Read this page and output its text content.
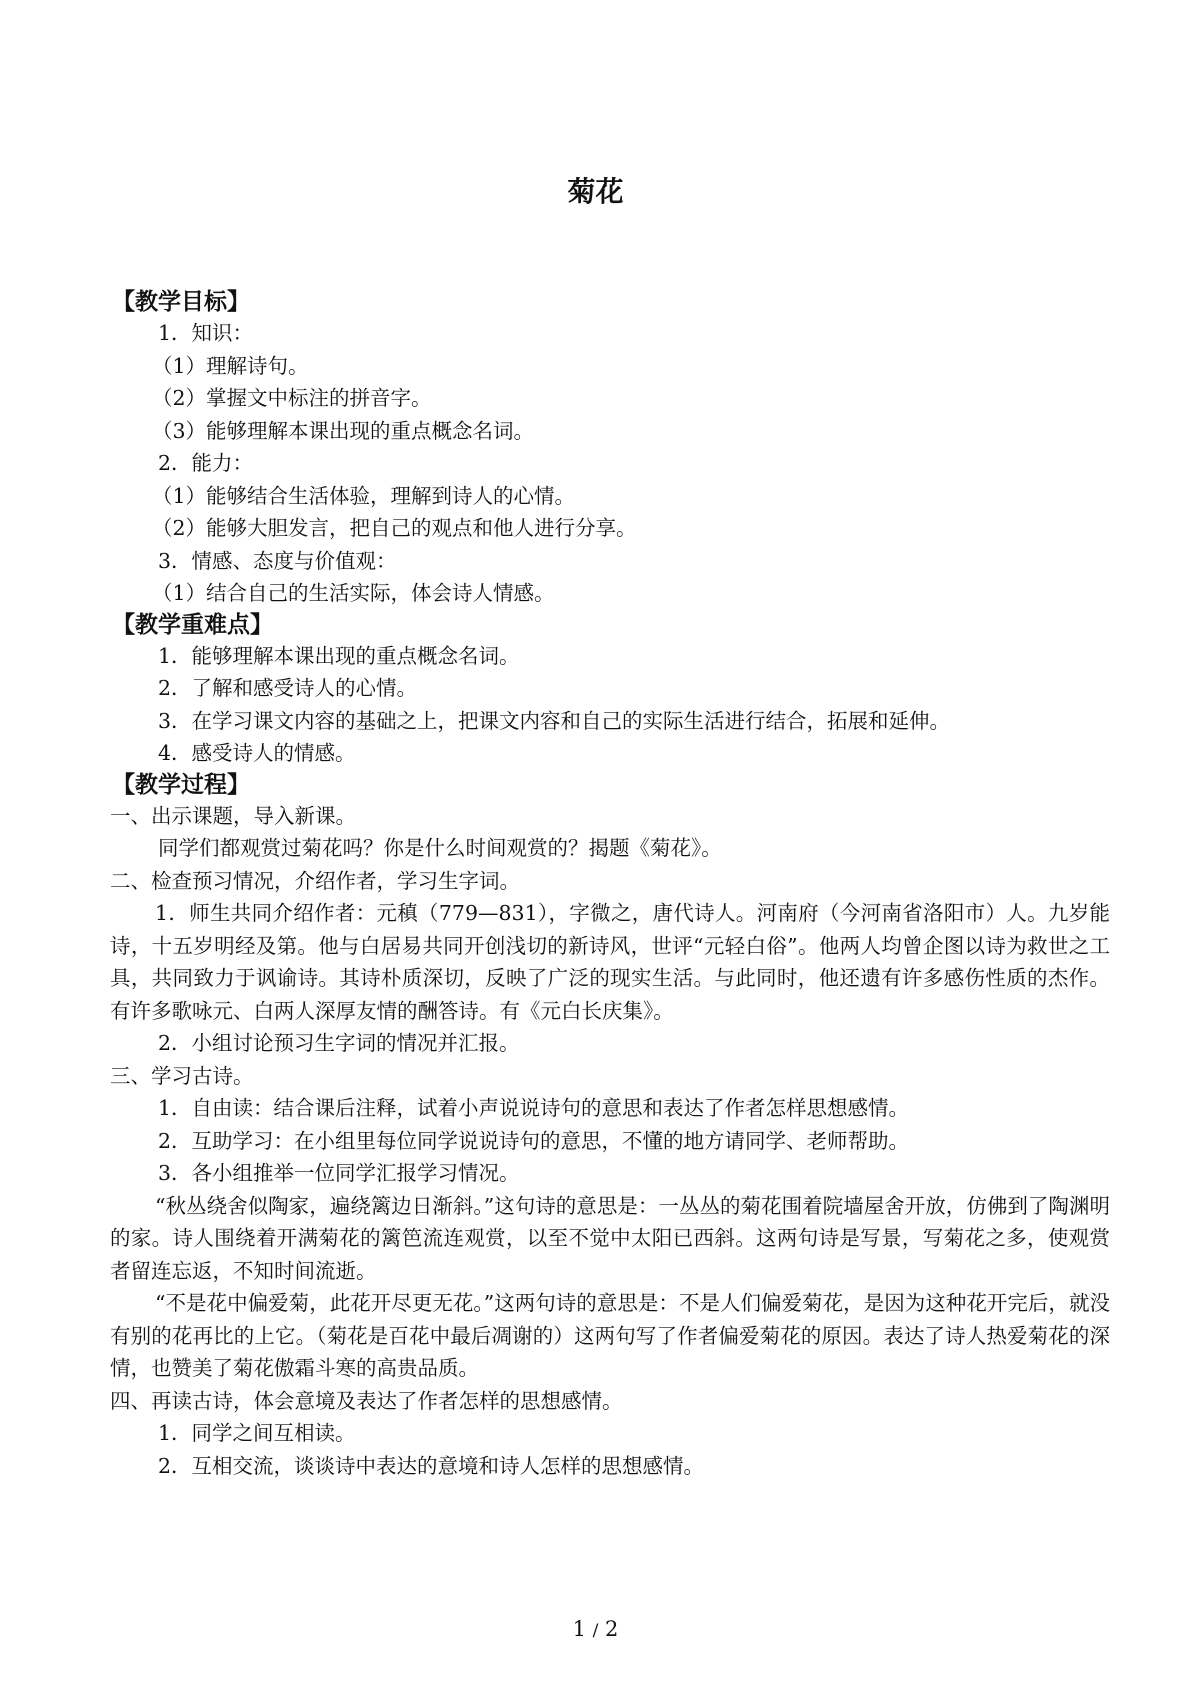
菊花
【教学目标】
1．知识：
（1）理解诗句。
（2）掌握文中标注的拼音字。
（3）能够理解本课出现的重点概念名词。
2．能力：
（1）能够结合生活体验，理解到诗人的心情。
（2）能够大胆发言，把自己的观点和他人进行分享。
3．情感、态度与价值观：
（1）结合自己的生活实际，体会诗人情感。
【教学重难点】
1．能够理解本课出现的重点概念名词。
2．了解和感受诗人的心情。
3．在学习课文内容的基础之上，把课文内容和自己的实际生活进行结合，拓展和延伸。
4．感受诗人的情感。
【教学过程】
一、出示课题，导入新课。
同学们都观赏过菊花吗？你是什么时间观赏的？揭题《菊花》。
二、检查预习情况，介绍作者，学习生字词。
1．师生共同介绍作者：元稹（779—831），字微之，唐代诗人。河南府（今河南省洛阳市）人。九岁能诗，十五岁明经及第。他与白居易共同开创浅切的新诗风，世评“元轻白俗”。他两人均曾企图以诗为救世之工具，共同致力于讽谕诗。其诗朴质深切，反映了广泛的现实生活。与此同时，他还遗有许多感伤性质的杰作。有许多歌咏元、白两人深厚友情的酬答诗。有《元白长庆集》。
2．小组讨论预习生字词的情况并汇报。
三、学习古诗。
1．自由读：结合课后注释，试着小声说说诗句的意思和表达了作者怎样思想感情。
2．互助学习：在小组里每位同学说说诗句的意思，不懂的地方请同学、老师帮助。
3．各小组推举一位同学汇报学习情况。
“秋丛绕舍似陶家，遍绕篱边日渐斜。”这句诗的意思是：一丛丛的菊花围着院墙屋舍开放，仿佛到了陶渊明的家。诗人围绕着开满菊花的篱笆流连观赏，以至不觉中太阳已西斜。这两句诗是写景，写菊花之多，使观赏者留连忘返，不知时间流逝。
“不是花中偏爱菊，此花开尽更无花。”这两句诗的意思是：不是人们偏爱菊花，是因为这种花开完后，就没有别的花再比的上它。（菊花是百花中最后凋谢的）这两句写了作者偏爱菊花的原因。表达了诗人热爱菊花的深情，也赞美了菊花傲霜斗寒的高贵品质。
四、再读古诗，体会意境及表达了作者怎样的思想感情。
1．同学之间互相读。
2．互相交流，谈谈诗中表达的意境和诗人怎样的思想感情。
1 / 2
